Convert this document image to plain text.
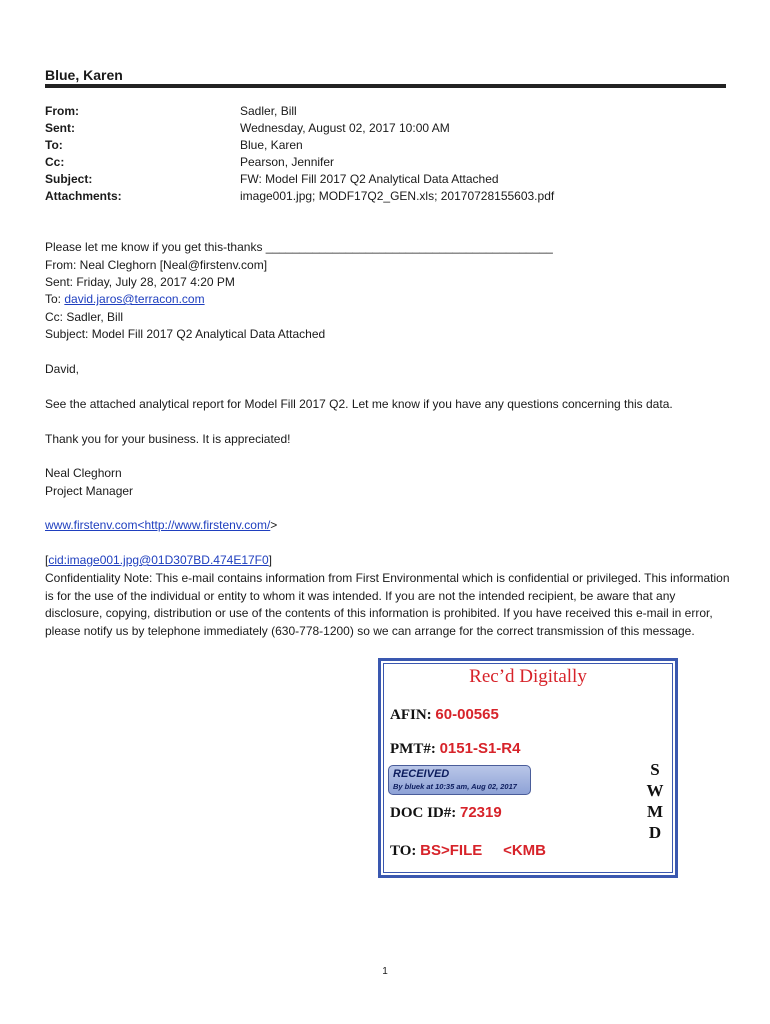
Blue, Karen
From:	Sadler, Bill
Sent:	Wednesday, August 02, 2017 10:00 AM
To:	Blue, Karen
Cc:	Pearson, Jennifer
Subject:	FW: Model Fill 2017 Q2 Analytical Data Attached
Attachments:	image001.jpg; MODF17Q2_GEN.xls; 20170728155603.pdf
Please let me know if you get this-thanks ___________________________________________
From: Neal Cleghorn [Neal@firstenv.com]
Sent: Friday, July 28, 2017 4:20 PM
To: david.jaros@terracon.com
Cc: Sadler, Bill
Subject: Model Fill 2017 Q2 Analytical Data Attached
David,
See the attached analytical report for Model Fill 2017 Q2. Let me know if you have any questions concerning this data.
Thank you for your business. It is appreciated!
Neal Cleghorn
Project Manager
www.firstenv.com<http://www.firstenv.com/>
[cid:image001.jpg@01D307BD.474E17F0]
Confidentiality Note: This e-mail contains information from First Environmental which is confidential or privileged. This information is for the use of the individual or entity to whom it was intended. If you are not the intended recipient, be aware that any disclosure, copying, distribution or use of the contents of this information is prohibited. If you have received this e-mail in error, please notify us by telephone immediately (630-778-1200) so we can arrange for the correct transmission of this message.
Rec’d Digitally
AFIN: 60-00565
PMT#: 0151-S1-R4
RECEIVED
By bluek at 10:35 am, Aug 02, 2017
DOC ID#: 72319
TO: BS>FILE     <KMB
S
W
M
D
1
